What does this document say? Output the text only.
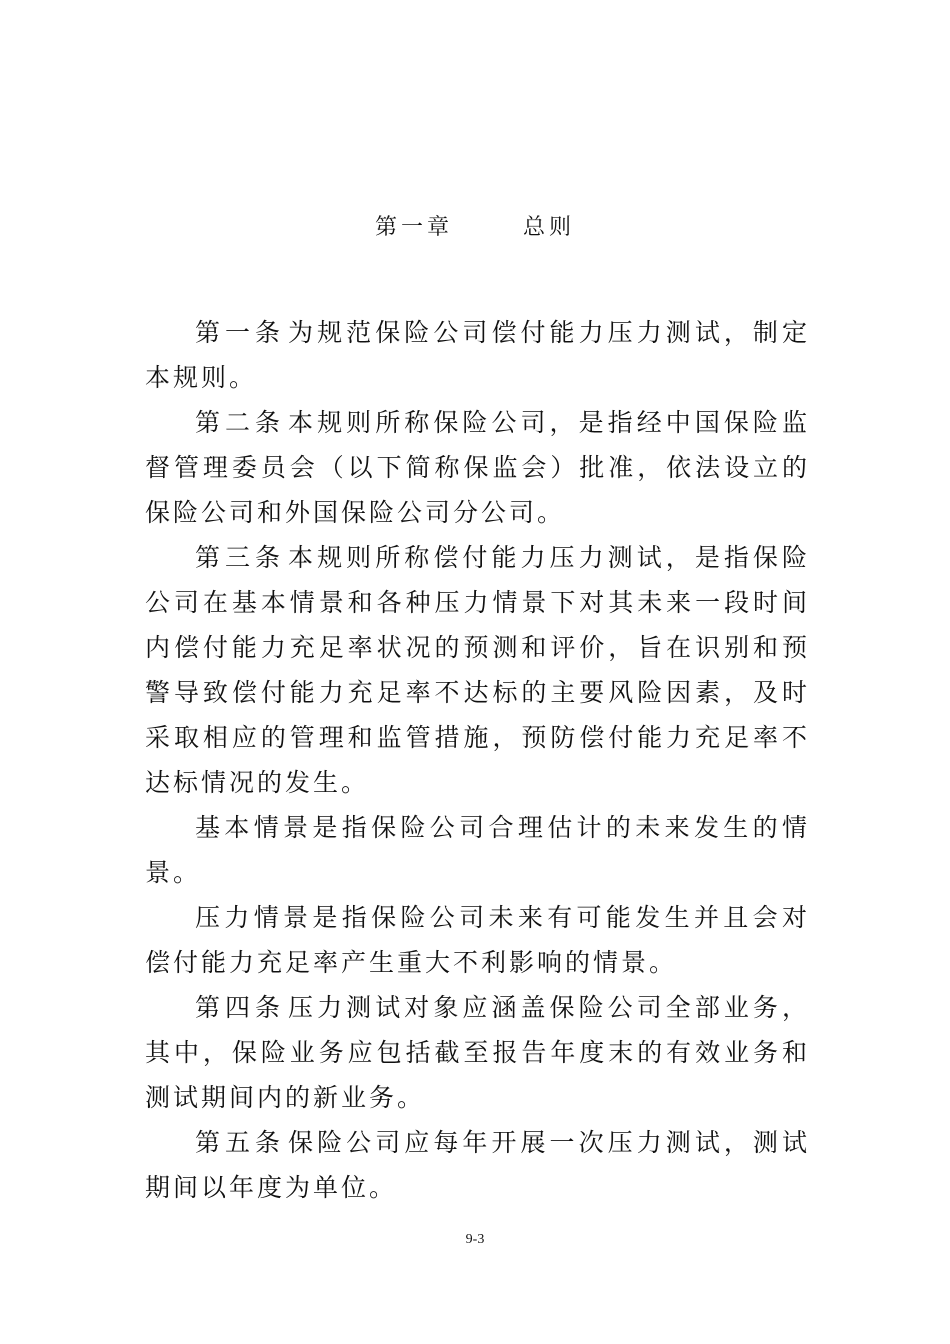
第一章	总则

第一条为规范保险公司偿付能力压力测试，制定本规则。

第二条本规则所称保险公司，是指经中国保险监督管理委员会（以下简称保监会）批准，依法设立的保险公司和外国保险公司分公司。

第三条本规则所称偿付能力压力测试，是指保险公司在基本情景和各种压力情景下对其未来一段时间内偿付能力充足率状况的预测和评价，旨在识别和预警导致偿付能力充足率不达标的主要风险因素，及时采取相应的管理和监管措施，预防偿付能力充足率不达标情况的发生。

基本情景是指保险公司合理估计的未来发生的情景。

压力情景是指保险公司未来有可能发生并且会对偿付能力充足率产生重大不利影响的情景。

第四条压力测试对象应涵盖保险公司全部业务，其中，保险业务应包括截至报告年度末的有效业务和测试期间内的新业务。

第五条保险公司应每年开展一次压力测试，测试期间以年度为单位。

9-3
